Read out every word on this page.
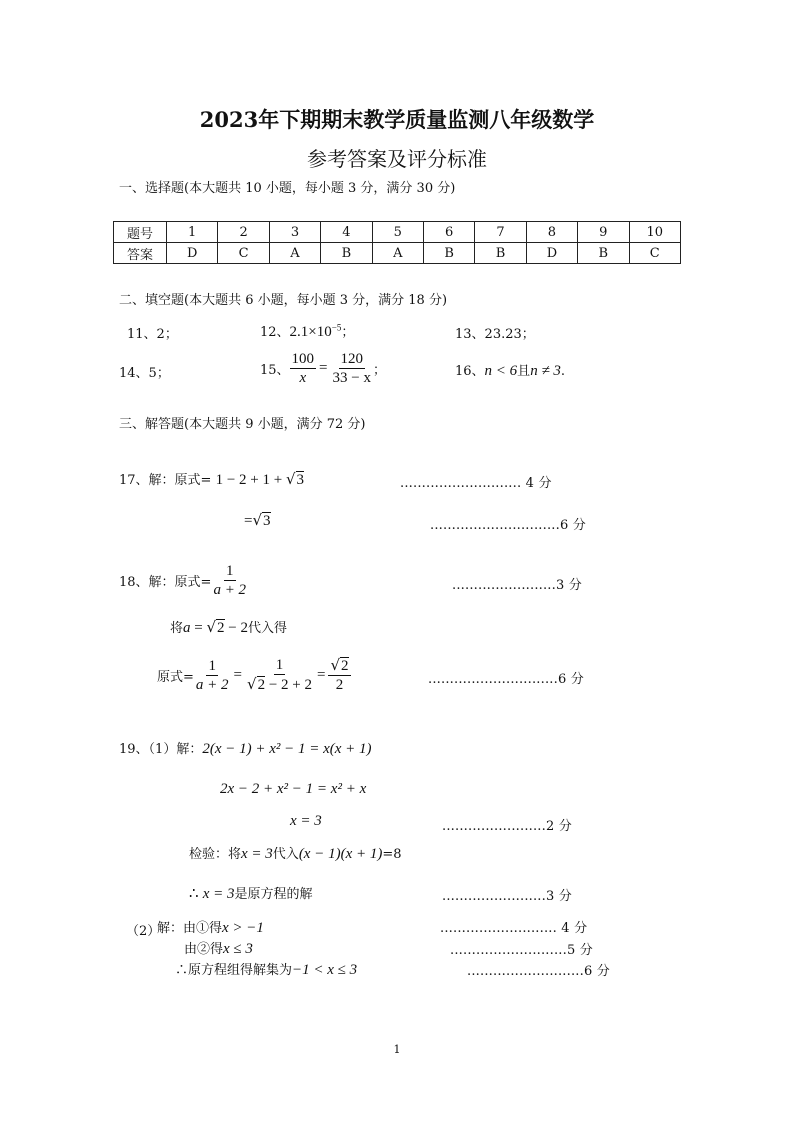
2023年下期期末教学质量监测八年级数学
参考答案及评分标准
一、选择题(本大题共 10 小题，每小题 3 分，满分 30 分)
题号	1	2	3	4	5	6	7	8	9	10
答案	D	C	A	B	A	B	B	D	B	C
二、填空题(本大题共 6 小题，每小题 3 分，满分 18 分)
11、2；	12、$2.1\times 10^{-5}$；	13、23.23；
14、5；	15、 $\frac{100}{x} = \frac{120}{33 - x}$ ；	16、n < 6且n ≠ 3.
三、解答题(本大题共 9 小题，满分 72 分)
17、解：原式= 1 − 2 + 1 + √3	............................ 4 分
=√3	..............................6 分
18、解：原式= $\frac{1}{a + 2}$	........................3 分
将a = √2 − 2代入得
原式= $\frac{1}{a + 2} = \frac{1}{√2 - 2 + 2} = \frac{√2}{2}$	..............................6 分
19、（1）解：2(x − 1) + x² − 1 = x(x + 1)
2x − 2 + x² − 1 = x² + x
x = 3	........................2 分
检验：将x = 3代入(x − 1)(x + 1)=8
∴ x = 3是原方程的解	........................3 分
（2）
解：由①得x > −1	........................... 4 分
由②得x ≤ 3	...........................5 分
∴原方程组得解集为−1 < x ≤ 3	...........................6 分
1
